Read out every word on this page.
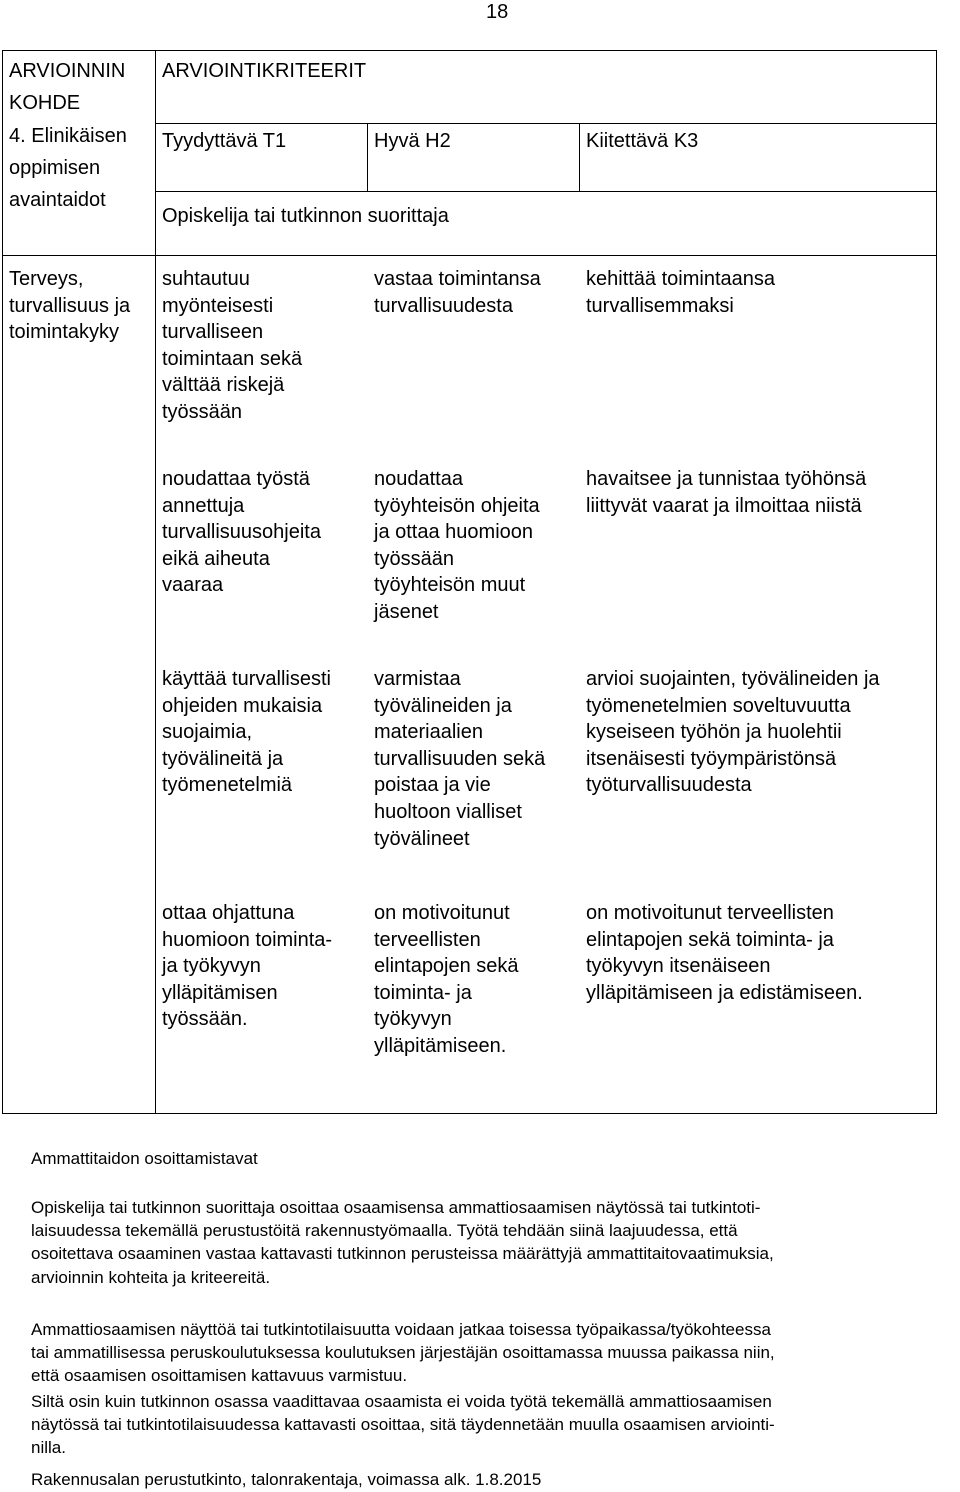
18
ARVIOINNIN
KOHDE
ARVIOINTIKRITEERIT
4. Elinikäisen
oppimisen
avaintaidot
Tyydyttävä T1	Hyvä H2	Kiitettävä K3
Opiskelija tai tutkinnon suorittaja
Terveys,
turvallisuus ja
toimintakyky
suhtautuu
myönteisesti
turvalliseen
toimintaan sekä
välttää riskejä
työssään
vastaa toimintansa
turvallisuudesta
kehittää toimintaansa
turvallisemmaksi
noudattaa työstä
annettuja
turvallisuusohjeita
eikä aiheuta
vaaraa
noudattaa
työyhteisön ohjeita
ja ottaa huomioon
työssään
työyhteisön muut
jäsenet
havaitsee ja tunnistaa työhönsä
liittyvät vaarat ja ilmoittaa niistä
käyttää turvallisesti
ohjeiden mukaisia
suojaimia,
työvälineitä ja
työmenetelmiä
varmistaa
työvälineiden ja
materiaalien
turvallisuuden sekä
poistaa ja vie
huoltoon vialliset
työvälineet
arvioi suojainten, työvälineiden ja
työmenetelmien soveltuvuutta
kyseiseen työhön ja huolehtii
itsenäisesti työympäristönsä
työturvallisuudesta
ottaa ohjattuna
huomioon toiminta-
ja työkyvyn
ylläpitämisen
työssään.
on motivoitunut
terveellisten
elintapojen sekä
toiminta- ja
työkyvyn
ylläpitämiseen.
on motivoitunut terveellisten
elintapojen sekä toiminta- ja
työkyvyn itsenäiseen
ylläpitämiseen ja edistämiseen.
Ammattitaidon osoittamistavat
Opiskelija tai tutkinnon suorittaja osoittaa osaamisensa ammattiosaamisen näytössä tai tutkintoti-
laisuudessa tekemällä perustustöitä rakennustyömaalla. Työtä tehdään siinä laajuudessa, että
osoitettava osaaminen vastaa kattavasti tutkinnon perusteissa määrättyjä ammattitaitovaatimuksia,
arvioinnin kohteita ja kriteereitä.
Ammattiosaamisen näyttöä tai tutkintotilaisuutta voidaan jatkaa toisessa työpaikassa/työkohteessa
tai ammatillisessa peruskoulutuksessa koulutuksen järjestäjän osoittamassa muussa paikassa niin,
että osaamisen osoittamisen kattavuus varmistuu.
Siltä osin kuin tutkinnon osassa vaadittavaa osaamista ei voida työtä tekemällä ammattiosaamisen
näytössä tai tutkintotilaisuudessa kattavasti osoittaa, sitä täydennetään muulla osaamisen arviointi-
nilla.
Rakennusalan perustutkinto, talonrakentaja, voimassa alk. 1.8.2015
